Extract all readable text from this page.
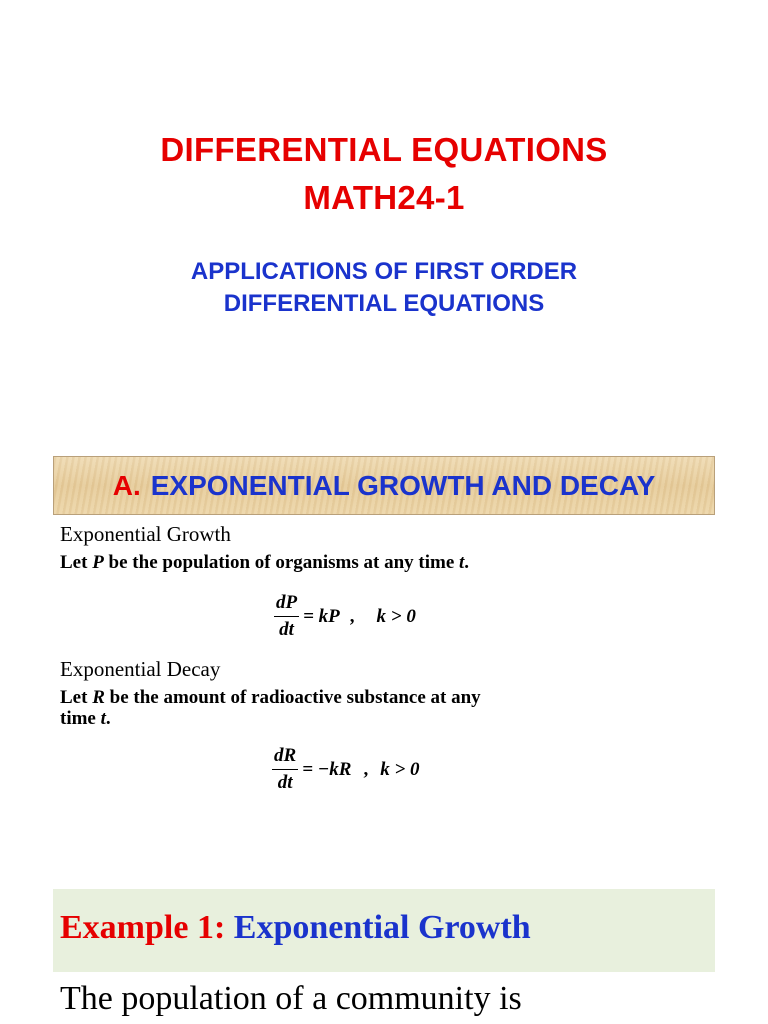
DIFFERENTIAL EQUATIONS
MATH24-1
APPLICATIONS OF FIRST ORDER
DIFFERENTIAL EQUATIONS
A. EXPONENTIAL GROWTH AND DECAY
Exponential Growth
Let P be the population of organisms at any time t.
$\frac{dP}{dt}$ = kP , k > 0
Exponential Decay
Let R be the amount of radioactive substance at any
time t.
$\frac{dR}{dt} = -kR$ , k > 0
Example 1: Exponential Growth
The population of a community is
